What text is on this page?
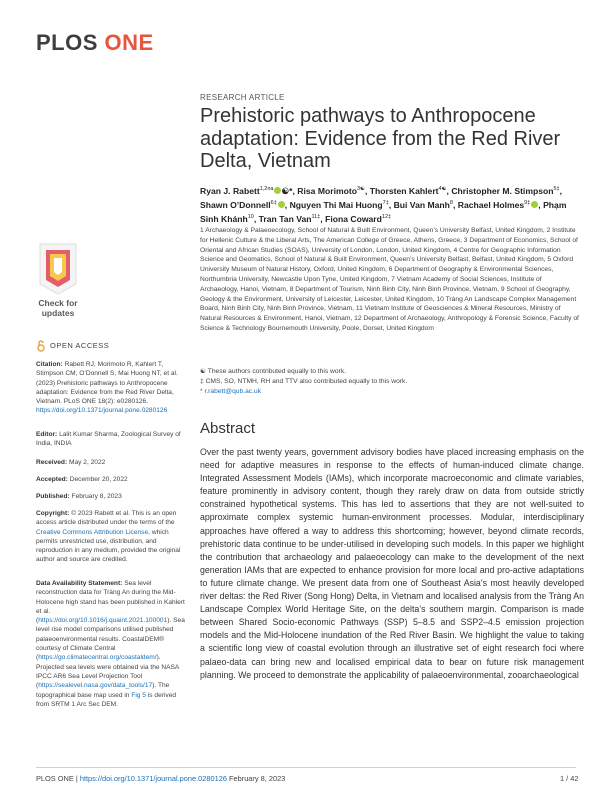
PLOS ONE
RESEARCH ARTICLE
Prehistoric pathways to Anthropocene adaptation: Evidence from the Red River Delta, Vietnam
Ryan J. Rabett$^{1,2¤a}$ ☯*, Risa Morimoto$^{3☯}$, Thorsten Kahlert$^{4☯}$, Christopher M. Stimpson$^{5\ddagger}$, Shawn O’Donnell$^{6\ddagger}$ , Nguyen Thi Mai Huong$^{7\ddagger}$, Bui Van Manh$^8$, Rachael Holmes$^{9\ddagger}$ , Phạm Sinh Khánh$^{10}$, Tran Tan Van$^{11\ddagger}$, Fiona Coward$^{12\ddagger}$
1 Archaeology & Palaeoecology, School of Natural & Built Environment, Queen’s University Belfast, United Kingdom, 2 Institute for Hellenic Culture & the Liberal Arts, The American College of Greece, Athens, Greece, 3 Department of Economics, School of Oriental and African Studies (SOAS), University of London, London, United Kingdom, 4 Centre for Geographic Information Science and Geomatics, School of Natural & Built Environment, Queen’s University Belfast, Belfast, United Kingdom, 5 Oxford University Museum of Natural History, Oxford, United Kingdom, 6 Department of Geography & Environmental Sciences, Northumbria University, Newcastle Upon Tyne, United Kingdom, 7 Vietnam Academy of Social Sciences, Institute of Archaeology, Hanoi, Vietnam, 8 Department of Tourism, Ninh Binh City, Ninh Binh Province, Vietnam, 9 School of Geography, Geology & the Environment, University of Leicester, Leicester, United Kingdom, 10 Tràng An Landscape Complex Management Board, Ninh Binh City, Ninh Binh Province, Vietnam, 11 Vietnam Institute of Geosciences & Mineral Resources, Ministry of Natural Resources & Environment, Hanoi, Vietnam, 12 Department of Archaeology, Anthropology & Forensic Science, Faculty of Science & Technology Bournemouth University, Poole, Dorset, United Kingdom
☯ These authors contributed equally to this work.
‡ CMS, SO, NTMH, RH and TTV also contributed equally to this work.
* r.rabett@qub.ac.uk
Abstract
Over the past twenty years, government advisory bodies have placed increasing emphasis on the need for adaptive measures in response to the effects of human-induced climate change. Integrated Assessment Models (IAMs), which incorporate macroeconomic and climate variables, feature prominently in advisory content, though they rarely draw on data from outside strictly constrained hypothetical systems. This has led to assertions that they are not well-suited to approximate complex systemic human-environment processes. Modular, interdisciplinary approaches have offered a way to address this shortcoming; however, beyond climate records, prehistoric data continue to be under-utilised in developing such models. In this paper we highlight the contribution that archaeology and palaeoecology can make to the development of the next generation IAMs that are expected to enhance provision for more local and pro-active adaptations to future climate change. We present data from one of Southeast Asia’s most heavily developed river deltas: the Red River (Song Hong) Delta, in Vietnam and localised analysis from the Tràng An Landscape Complex World Heritage Site, on the delta’s southern margin. Comparison is made between Shared Socio-economic Pathways (SSP) 5–8.5 and SSP2–4.5 emission projection models and the Mid-Holocene inundation of the Red River Basin. We highlight the value to taking a scientific long view of coastal evolution through an illustrative set of eight research foci where palaeo-data can bring new and localised empirical data to bear on future risk management planning. We proceed to demonstrate the applicability of palaeoenvironmental, zooarchaeological
Check for updates
OPEN ACCESS
Citation: Rabett RJ, Morimoto R, Kahlert T, Stimpson CM, O’Donnell S, Mai Huong NT, et al. (2023) Prehistoric pathways to Anthropocene adaptation: Evidence from the Red River Delta, Vietnam. PLoS ONE 18(2): e0280126. https://doi.org/10.1371/journal.pone.0280126
Editor: Lalit Kumar Sharma, Zoological Survey of India, INDIA
Received: May 2, 2022
Accepted: December 20, 2022
Published: February 8, 2023
Copyright: © 2023 Rabett et al. This is an open access article distributed under the terms of the Creative Commons Attribution License, which permits unrestricted use, distribution, and reproduction in any medium, provided the original author and source are credited.
Data Availability Statement: Sea level reconstruction data for Tràng An during the Mid-Holocene high stand has been published in Kahlert et al. (https://doi.org/10.1016/j.quaint.2021.100001). Sea level rise model comparisons utilised published palaeoenvironmental results. CoastalDEM® courtesy of Climate Central (https://go.climatecentral.org/coastaldem/). Projected sea levels were obtained via the NASA IPCC AR6 Sea Level Projection Tool (https://sealevel.nasa.gov/data_tools/17). The topographical base map used in Fig 5 is derived from SRTM 1 Arc Sec DEM.
PLOS ONE | https://doi.org/10.1371/journal.pone.0280126 February 8, 2023	1 / 42
